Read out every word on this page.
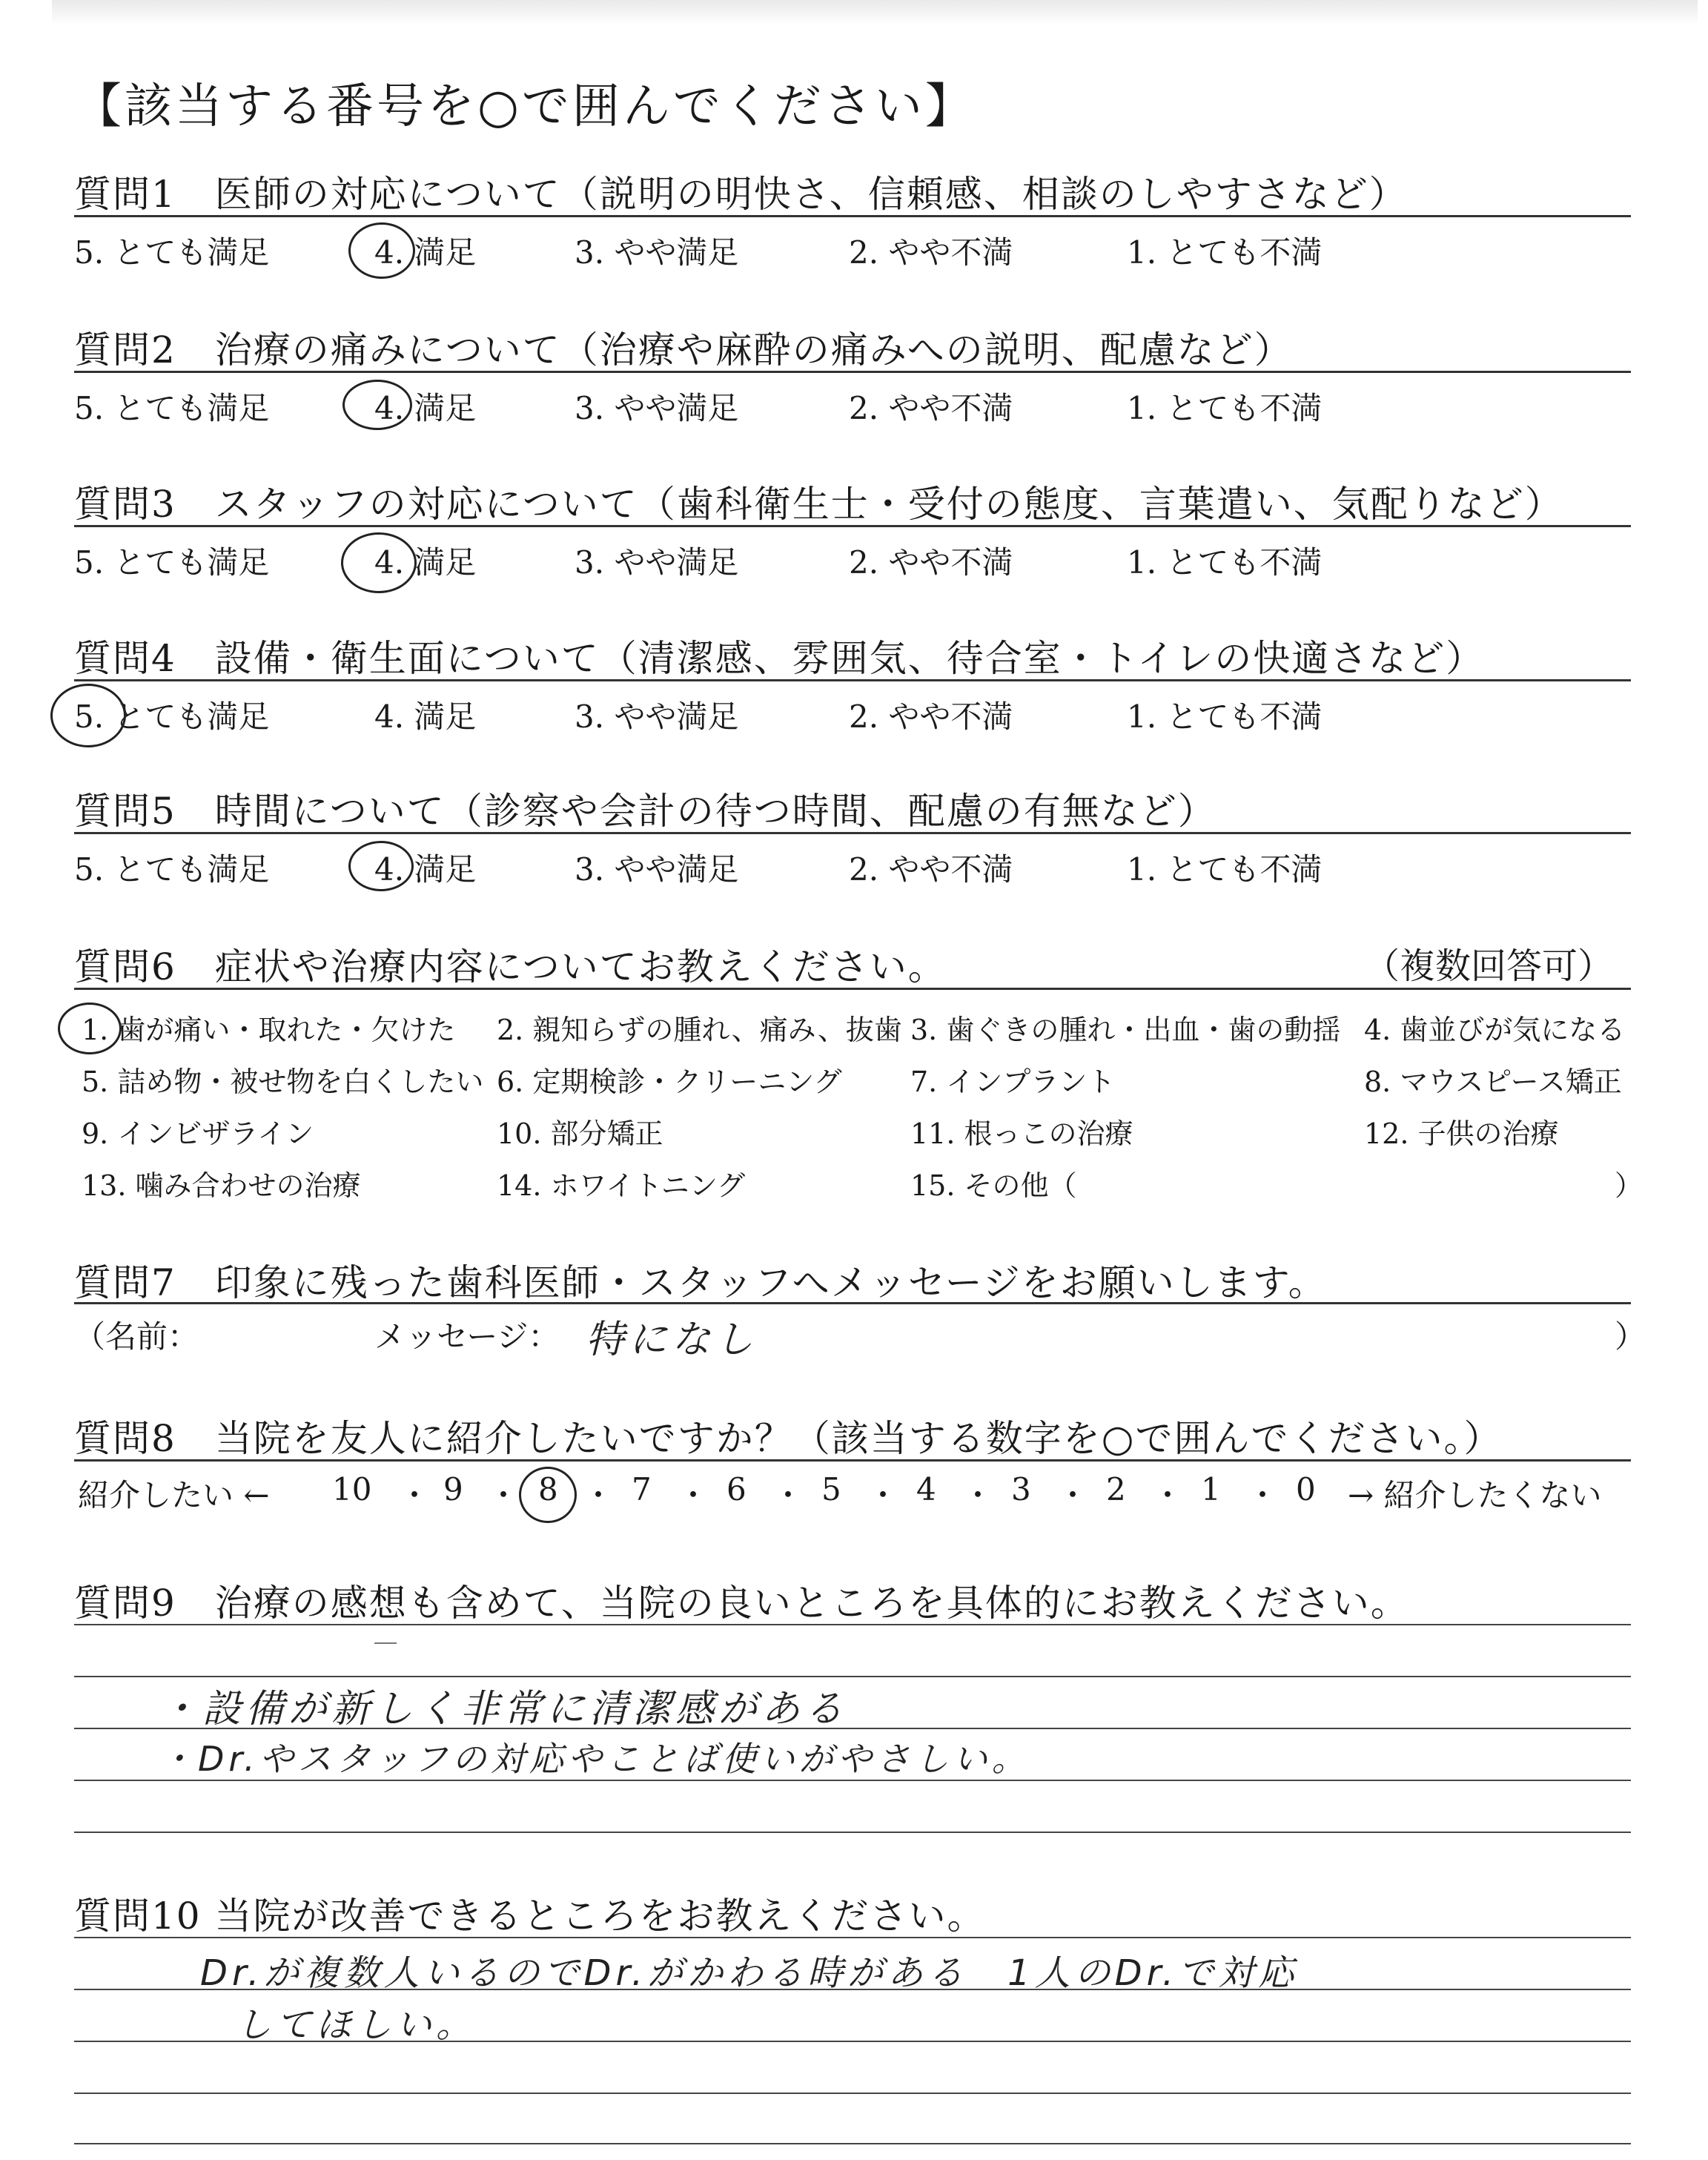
【該当する番号を○で囲んでください】
質問1　医師の対応について（説明の明快さ、信頼感、相談のしやすさなど）
5. とても満足	4. 満足	3. やや満足	2. やや不満	1. とても不満
質問2　治療の痛みについて（治療や麻酔の痛みへの説明、配慮など）
5. とても満足	4. 満足	3. やや満足	2. やや不満	1. とても不満
質問3　スタッフの対応について（歯科衛生士・受付の態度、言葉遣い、気配りなど）
5. とても満足	4. 満足	3. やや満足	2. やや不満	1. とても不満
質問4　設備・衛生面について（清潔感、雰囲気、待合室・トイレの快適さなど）
5. とても満足	4. 満足	3. やや満足	2. やや不満	1. とても不満
質問5　時間について（診察や会計の待つ時間、配慮の有無など）
5. とても満足	4. 満足	3. やや満足	2. やや不満	1. とても不満
質問6　症状や治療内容についてお教えください。	（複数回答可）
1. 歯が痛い・取れた・欠けた 2. 親知らずの腫れ、痛み、抜歯 3. 歯ぐきの腫れ・出血・歯の動揺 4. 歯並びが気になる
5. 詰め物・被せ物を白くしたい 6. 定期検診・クリーニング 7. インプラント	8. マウスピース矯正
9. インビザライン	10. 部分矯正	11. 根っこの治療	12. 子供の治療
13. 噛み合わせの治療	14. ホワイトニング	15. その他（	）
質問7　印象に残った歯科医師・スタッフへメッセージをお願いします。
（名前：	メッセージ： 特になし	）
質問8　当院を友人に紹介したいですか？（該当する数字を○で囲んでください。）
紹介したい ←	→ 紹介したくない
10 ・ 9 ・ 8 ・ 7 ・ 6 ・ 5 ・ 4 ・ 3 ・ 2 ・ 1 ・ 0
質問9　治療の感想も含めて、当院の良いところを具体的にお教えください。
・設備が新しく非常に清潔感がある
・Dr.やスタッフの対応やことば使いがやさしい。
質問10 当院が改善できるところをお教えください。
Dr.が複数人いるのでDr.がかわる時がある　1人のDr.で対応
してほしい。
